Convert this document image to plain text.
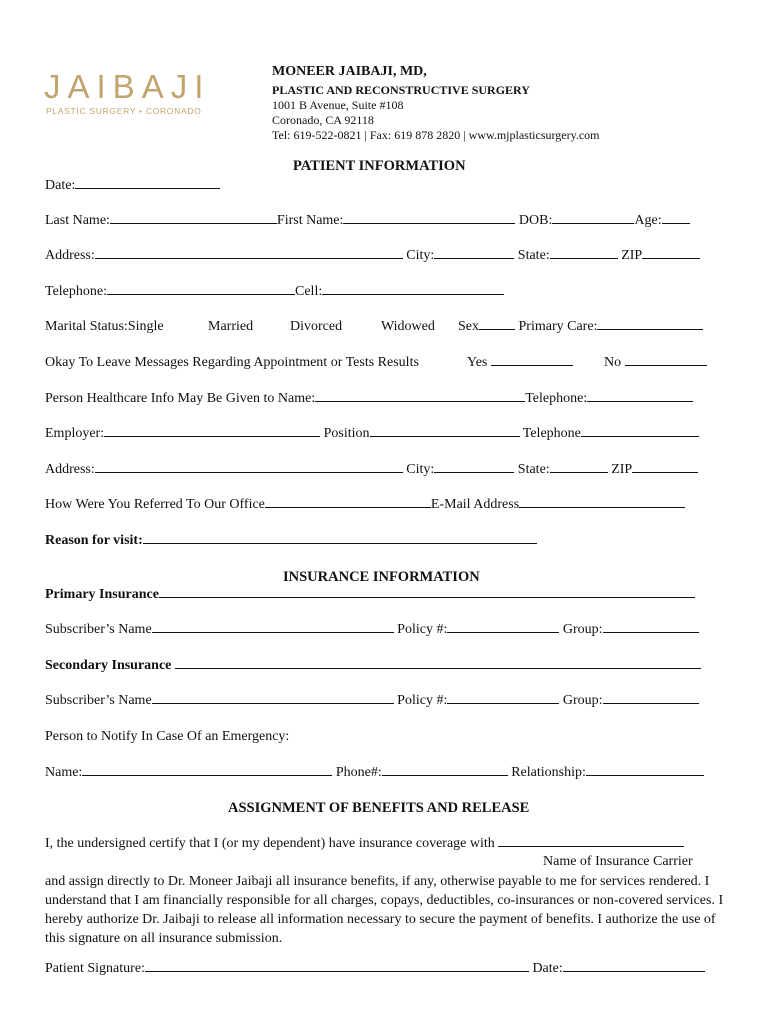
JAIBAJI
PLASTIC SURGERY • CORONADO
MONEER JAIBAJI, MD,
PLASTIC AND RECONSTRUCTIVE SURGERY
1001 B Avenue, Suite #108
Coronado, CA 92118
Tel: 619-522-0821 | Fax: 619 878 2820 | www.mjplasticsurgery.com
PATIENT INFORMATION
Date:
Last Name:	First Name:	DOB:	Age:
Address:	City:	State:	ZIP
Telephone:	Cell:
Marital Status:Single	Married	Divorced	Widowed Sex	Primary Care:
Okay To Leave Messages Regarding Appointment or Tests Results	Yes	No
Person Healthcare Info May Be Given to Name:	Telephone:
Employer:	Position	Telephone
Address:	City:	State:	ZIP
How Were You Referred To Our Office	E-Mail Address
Reason for visit:
INSURANCE INFORMATION
Primary Insurance
Subscriber’s Name	Policy #:	Group:
Secondary Insurance
Subscriber’s Name	Policy #:	Group:
Person to Notify In Case Of an Emergency:
Name:	Phone#:	Relationship:
ASSIGNMENT OF BENEFITS AND RELEASE
I, the undersigned certify that I (or my dependent) have insurance coverage with
Name of Insurance Carrier
and assign directly to Dr. Moneer Jaibaji all insurance benefits, if any, otherwise payable to me for services rendered. I understand that I am financially responsible for all charges, copays, deductibles, co-insurances or non-covered services. I hereby authorize Dr. Jaibaji to release all information necessary to secure the payment of benefits. I authorize the use of this signature on all insurance submission.
Patient Signature:	Date:
